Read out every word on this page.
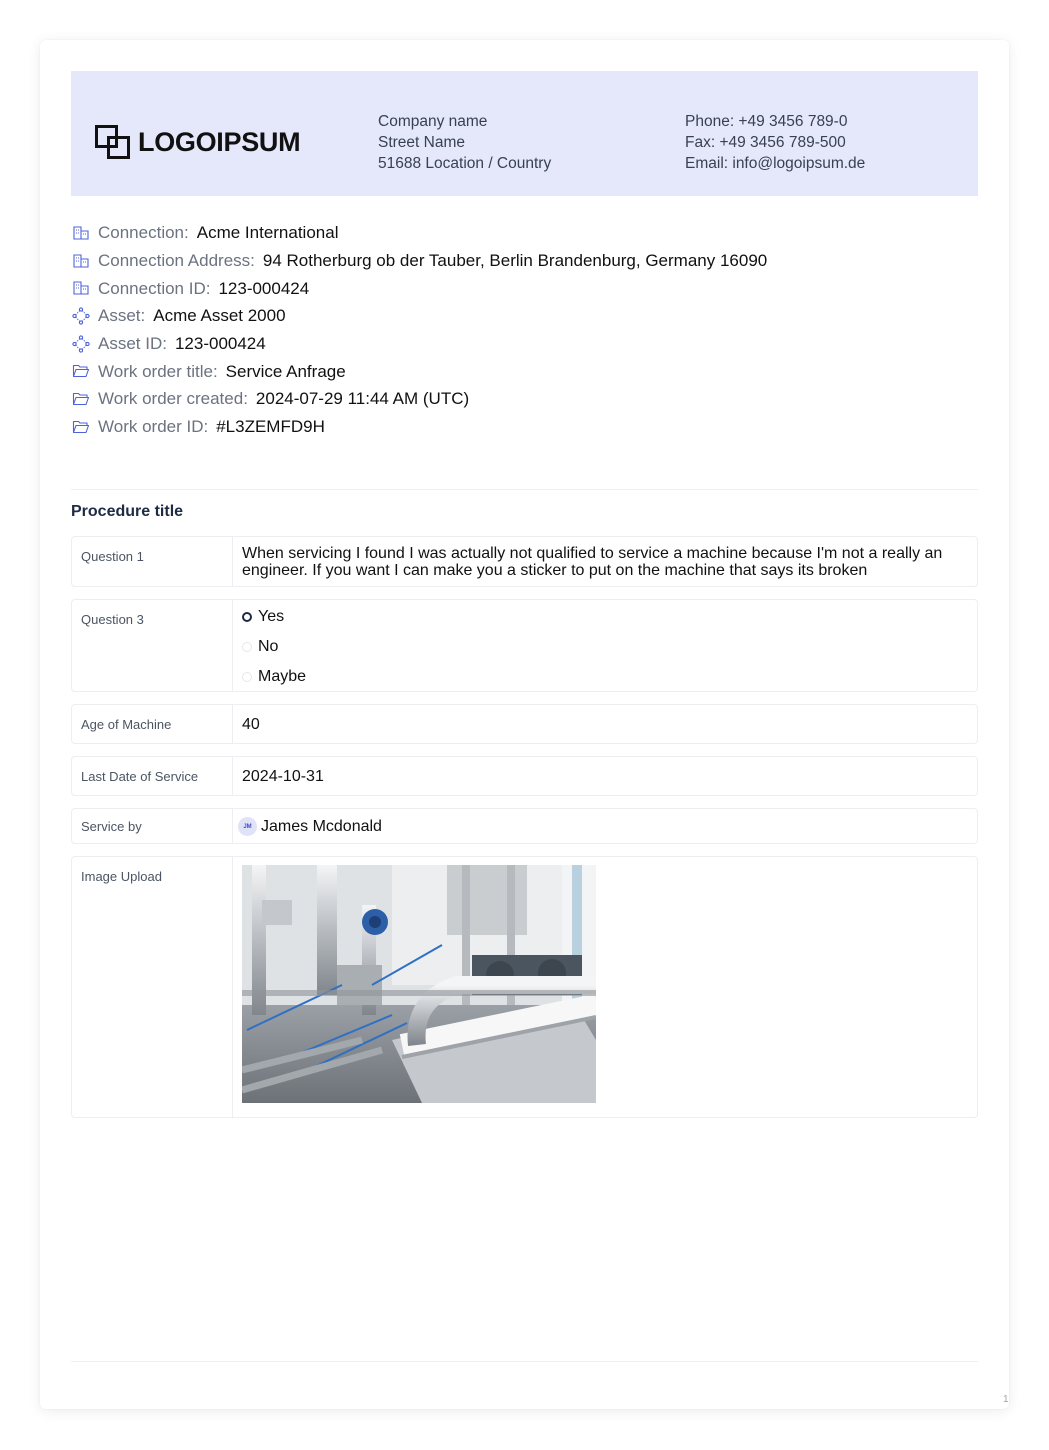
LOGOIPSUM
Company name
Street Name
51688 Location / Country
Phone: +49 3456 789-0
Fax: +49 3456 789-500
Email: info@logoipsum.de
Connection: Acme International
Connection Address: 94 Rotherburg ob der Tauber, Berlin Brandenburg, Germany 16090
Connection ID: 123-000424
Asset: Acme Asset 2000
Asset ID: 123-000424
Work order title: Service Anfrage
Work order created: 2024-07-29 11:44 AM (UTC)
Work order ID: #L3ZEMFD9H
Procedure title
Question 1	When servicing I found I was actually not qualified to service a machine because I'm not a really an engineer. If you want I can make you a sticker to put on the machine that says its broken
Question 3	Yes
No
Maybe
Age of Machine	40
Last Date of Service	2024-10-31
Service by	JM James Mcdonald
Image Upload
1
